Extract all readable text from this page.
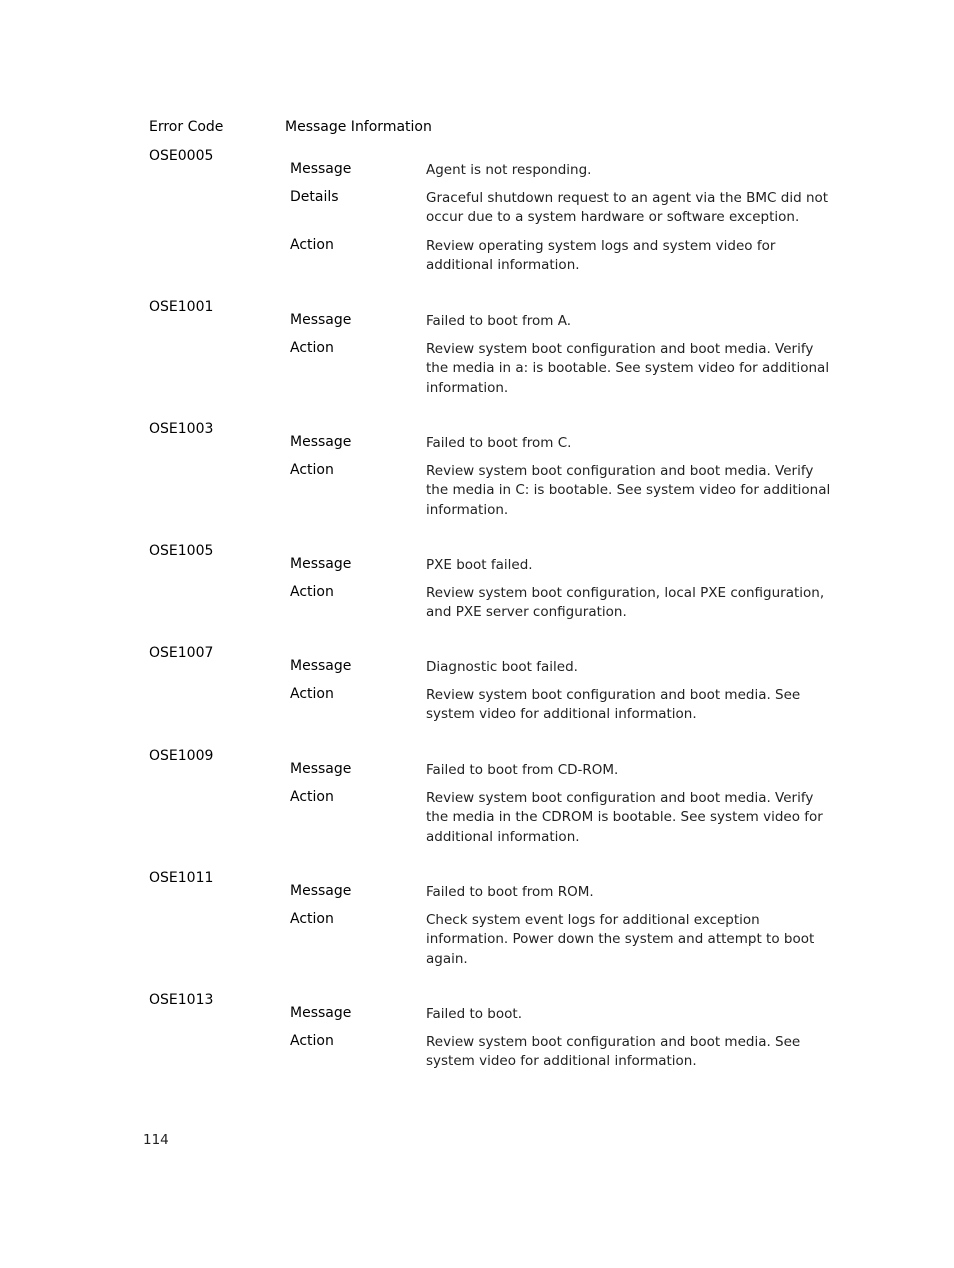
Error Code	Message Information
OSE0005
Message	Agent is not responding.
Details	Graceful shutdown request to an agent via the BMC did not occur due to a system hardware or software exception.
Action	Review operating system logs and system video for additional information.
OSE1001
Message	Failed to boot from A.
Action	Review system boot configuration and boot media. Verify the media in a: is bootable. See system video for additional information.
OSE1003
Message	Failed to boot from C.
Action	Review system boot configuration and boot media. Verify the media in C: is bootable. See system video for additional information.
OSE1005
Message	PXE boot failed.
Action	Review system boot configuration, local PXE configuration, and PXE server configuration.
OSE1007
Message	Diagnostic boot failed.
Action	Review system boot configuration and boot media. See system video for additional information.
OSE1009
Message	Failed to boot from CD-ROM.
Action	Review system boot configuration and boot media. Verify the media in the CDROM is bootable. See system video for additional information.
OSE1011
Message	Failed to boot from ROM.
Action	Check system event logs for additional exception information. Power down the system and attempt to boot again.
OSE1013
Message	Failed to boot.
Action	Review system boot configuration and boot media. See system video for additional information.
114
